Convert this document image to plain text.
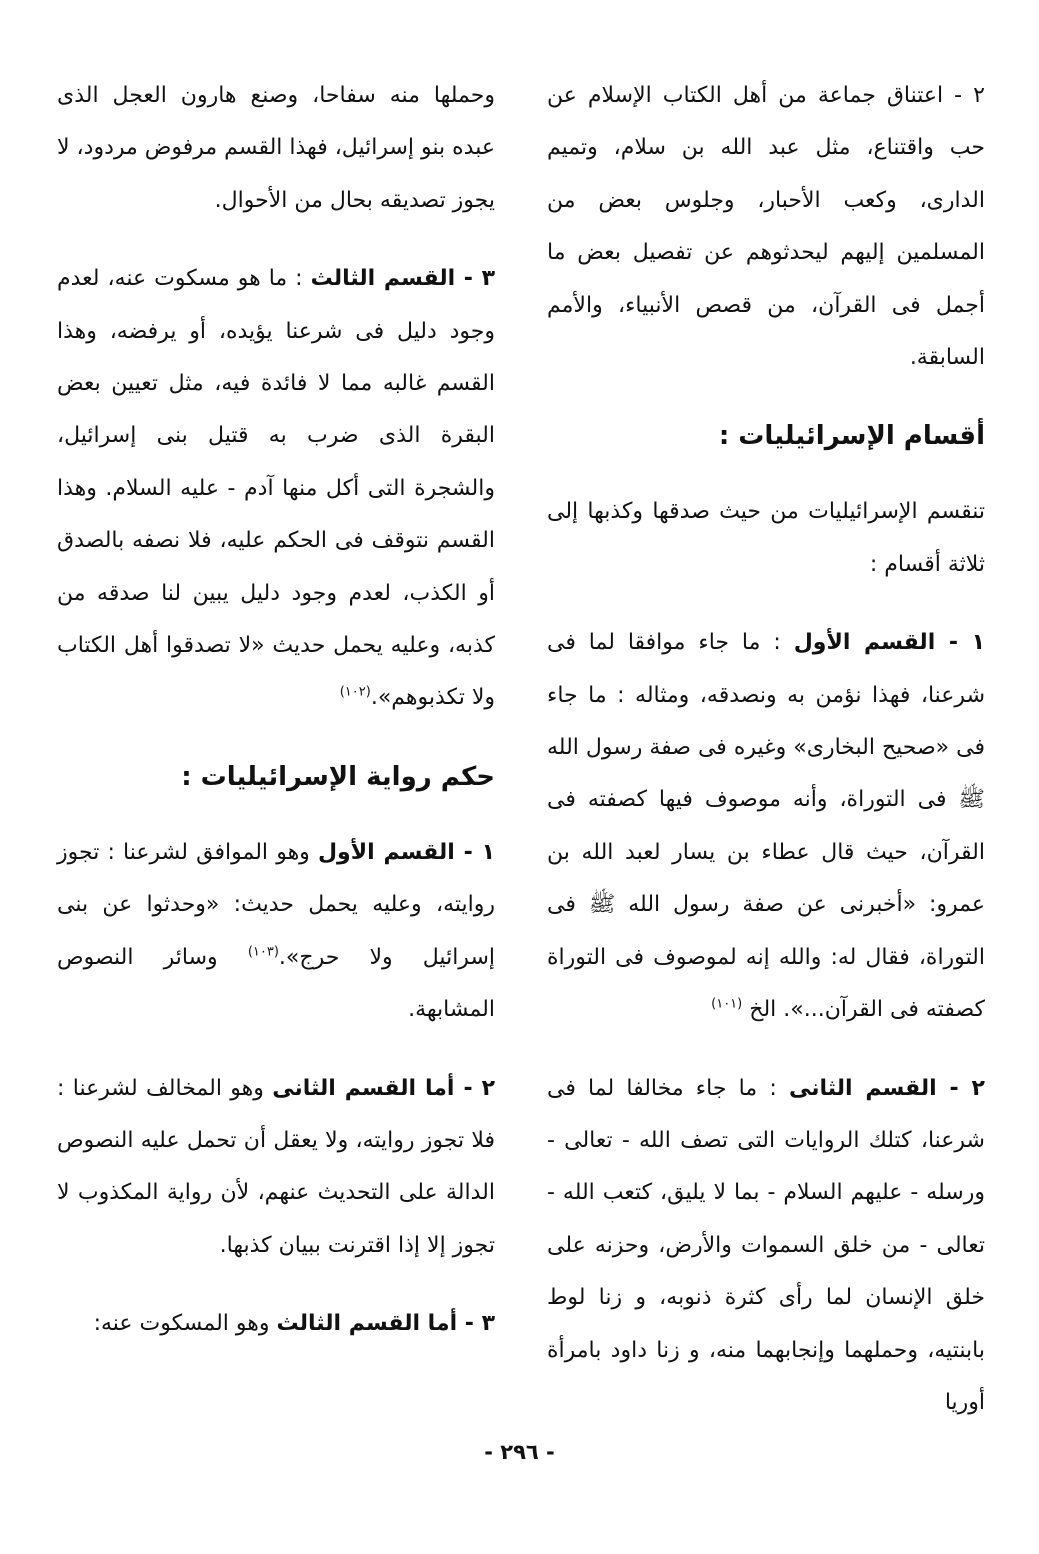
٢ - اعتناق جماعة من أهل الكتاب الإسلام عن حب واقتناع، مثل عبد الله بن سلام، وتميم الدارى، وكعب الأحبار، وجلوس بعض من المسلمين إليهم ليحدثوهم عن تفصيل بعض ما أجمل فى القرآن، من قصص الأنبياء، والأمم السابقة.

أقسام الإسرائيليات :

تنقسم الإسرائيليات من حيث صدقها وكذبها إلى ثلاثة أقسام :

١ - القسم الأول : ما جاء موافقا لما فى شرعنا، فهذا نؤمن به ونصدقه، ومثاله : ما جاء فى «صحيح البخارى» وغيره فى صفة رسول الله ﷺ فى التوراة، وأنه موصوف فيها كصفته فى القرآن، حيث قال عطاء بن يسار لعبد الله بن عمرو: «أخبرنى عن صفة رسول الله ﷺ فى التوراة، فقال له: والله إنه لموصوف فى التوراة كصفته فى القرآن...». الخ $^{(١٠١)}$

٢ - القسم الثانى : ما جاء مخالفا لما فى شرعنا، كتلك الروايات التى تصف الله - تعالى - ورسله - عليهم السلام - بما لا يليق، كتعب الله - تعالى - من خلق السموات والأرض، وحزنه على خلق الإنسان لما رأى كثرة ذنوبه، و زنا لوط بابنتيه، وحملهما وإنجابهما منه، و زنا داود بامرأة أوريا

وحملها منه سفاحا، وصنع هارون العجل الذى عبده بنو إسرائيل، فهذا القسم مرفوض مردود، لا يجوز تصديقه بحال من الأحوال.

٣ - القسم الثالث : ما هو مسكوت عنه، لعدم وجود دليل فى شرعنا يؤيده، أو يرفضه، وهذا القسم غالبه مما لا فائدة فيه، مثل تعيين بعض البقرة الذى ضرب به قتيل بنى إسرائيل، والشجرة التى أكل منها آدم - عليه السلام. وهذا القسم نتوقف فى الحكم عليه، فلا نصفه بالصدق أو الكذب، لعدم وجود دليل يبين لنا صدقه من كذبه، وعليه يحمل حديث «لا تصدقوا أهل الكتاب ولا تكذبوهم».$^{(١٠٢)}$

حكم رواية الإسرائيليات :

١ - القسم الأول وهو الموافق لشرعنا : تجوز روايته، وعليه يحمل حديث: «وحدثوا عن بنى إسرائيل ولا حرج».$^{(١٠٣)}$ وسائر النصوص المشابهة.

٢ - أما القسم الثانى وهو المخالف لشرعنا : فلا تجوز روايته، ولا يعقل أن تحمل عليه النصوص الدالة على التحديث عنهم، لأن رواية المكذوب لا تجوز إلا إذا اقترنت ببيان كذبها.

٣ - أما القسم الثالث وهو المسكوت عنه:

- ٢٩٦ -
